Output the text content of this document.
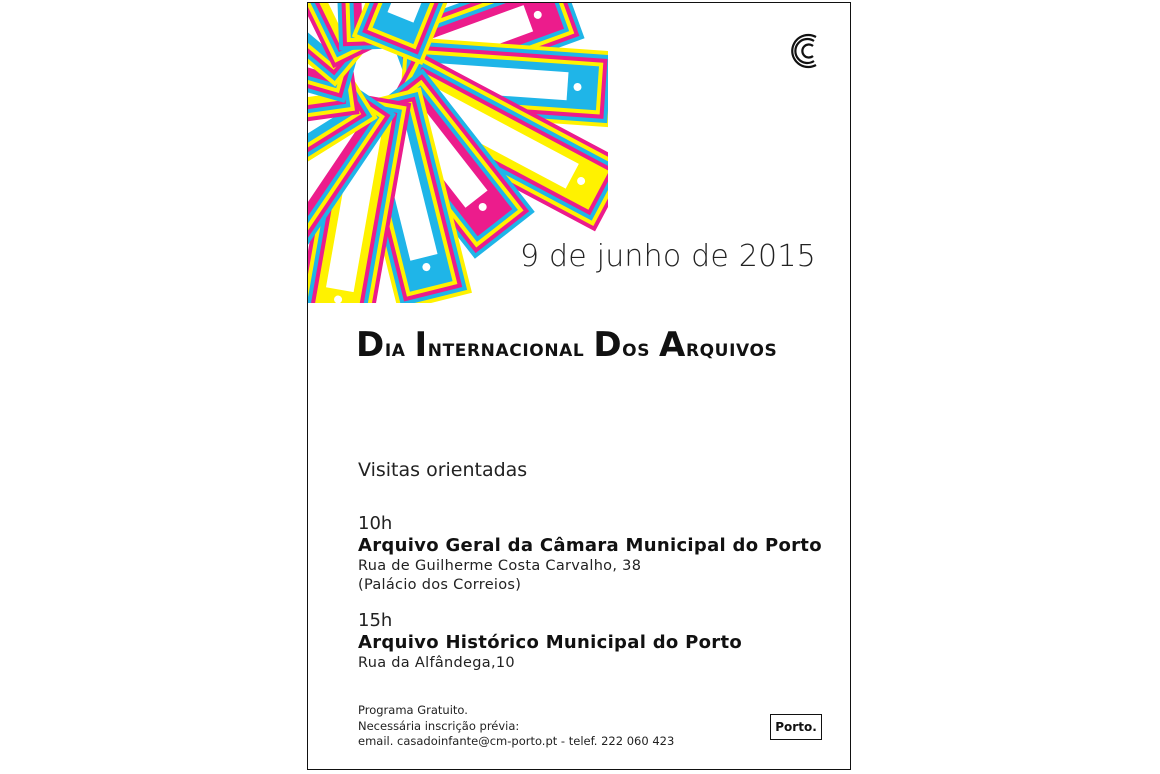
9 de junho de 2015
Dia Internacional Dos Arquivos
Visitas orientadas
10h
Arquivo Geral da Câmara Municipal do Porto
Rua de Guilherme Costa Carvalho, 38
(Palácio dos Correios)
15h
Arquivo Histórico Municipal do Porto
Rua da Alfândega,10
Programa Gratuito.
Necessária inscrição prévia:
email. casadoinfante@cm-porto.pt - telef. 222 060 423
Porto.
